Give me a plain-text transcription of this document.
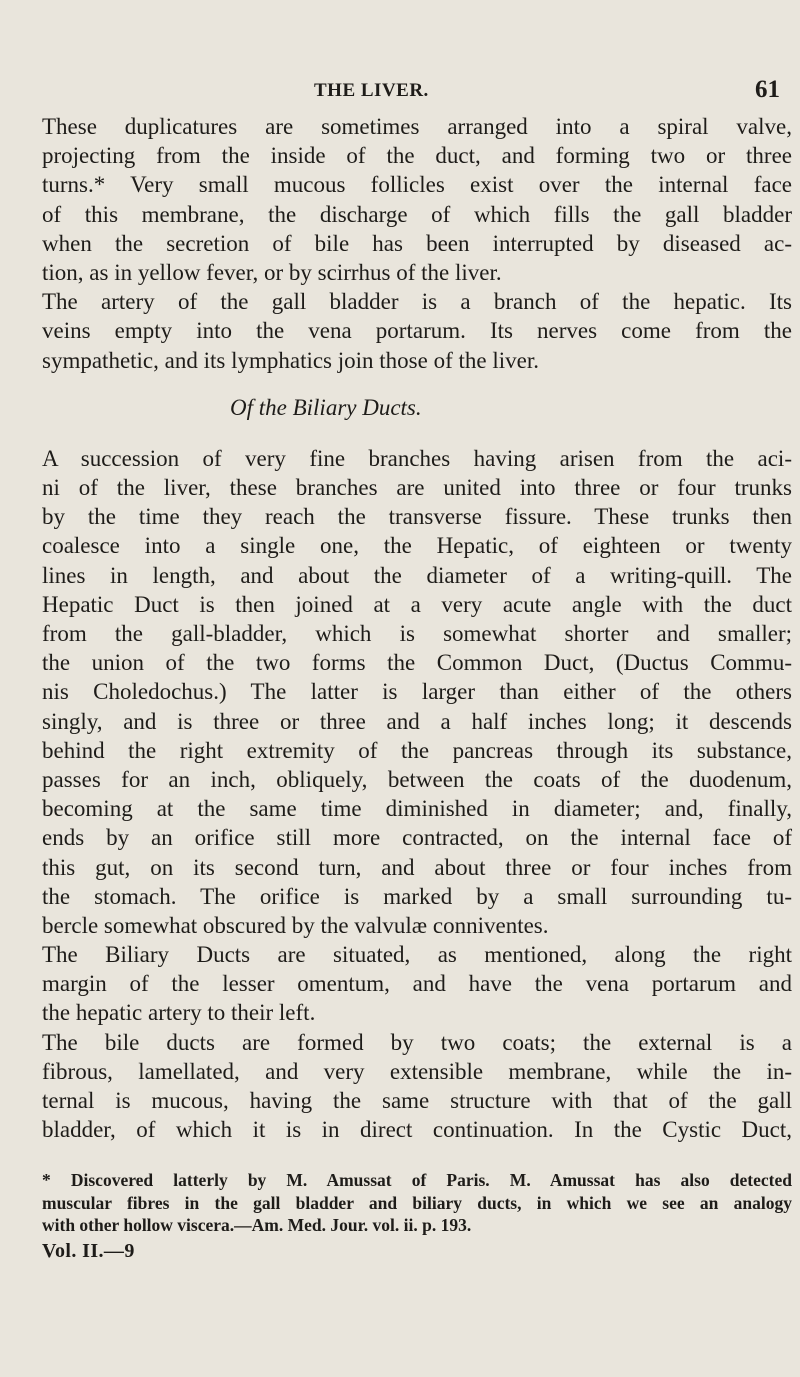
THE LIVER.	61
These duplicatures are sometimes arranged into a spiral valve,
projecting from the inside of the duct, and forming two or three
turns.* Very small mucous follicles exist over the internal face
of this membrane, the discharge of which fills the gall bladder
when the secretion of bile has been interrupted by diseased ac-
tion, as in yellow fever, or by scirrhus of the liver.
The artery of the gall bladder is a branch of the hepatic. Its
veins empty into the vena portarum. Its nerves come from the
sympathetic, and its lymphatics join those of the liver.
Of the Biliary Ducts.
A succession of very fine branches having arisen from the aci-
ni of the liver, these branches are united into three or four trunks
by the time they reach the transverse fissure. These trunks then
coalesce into a single one, the Hepatic, of eighteen or twenty
lines in length, and about the diameter of a writing-quill. The
Hepatic Duct is then joined at a very acute angle with the duct
from the gall-bladder, which is somewhat shorter and smaller;
the union of the two forms the Common Duct, (Ductus Commu-
nis Choledochus.) The latter is larger than either of the others
singly, and is three or three and a half inches long; it descends
behind the right extremity of the pancreas through its substance,
passes for an inch, obliquely, between the coats of the duodenum,
becoming at the same time diminished in diameter; and, finally,
ends by an orifice still more contracted, on the internal face of
this gut, on its second turn, and about three or four inches from
the stomach. The orifice is marked by a small surrounding tu-
bercle somewhat obscured by the valvulæ conniventes.
The Biliary Ducts are situated, as mentioned, along the right
margin of the lesser omentum, and have the vena portarum and
the hepatic artery to their left.
The bile ducts are formed by two coats; the external is a
fibrous, lamellated, and very extensible membrane, while the in-
ternal is mucous, having the same structure with that of the gall
bladder, of which it is in direct continuation. In the Cystic Duct,
* Discovered latterly by M. Amussat of Paris. M. Amussat has also detected
muscular fibres in the gall bladder and biliary ducts, in which we see an analogy
with other hollow viscera.—Am. Med. Jour. vol. ii. p. 193.
Vol. II.—9
